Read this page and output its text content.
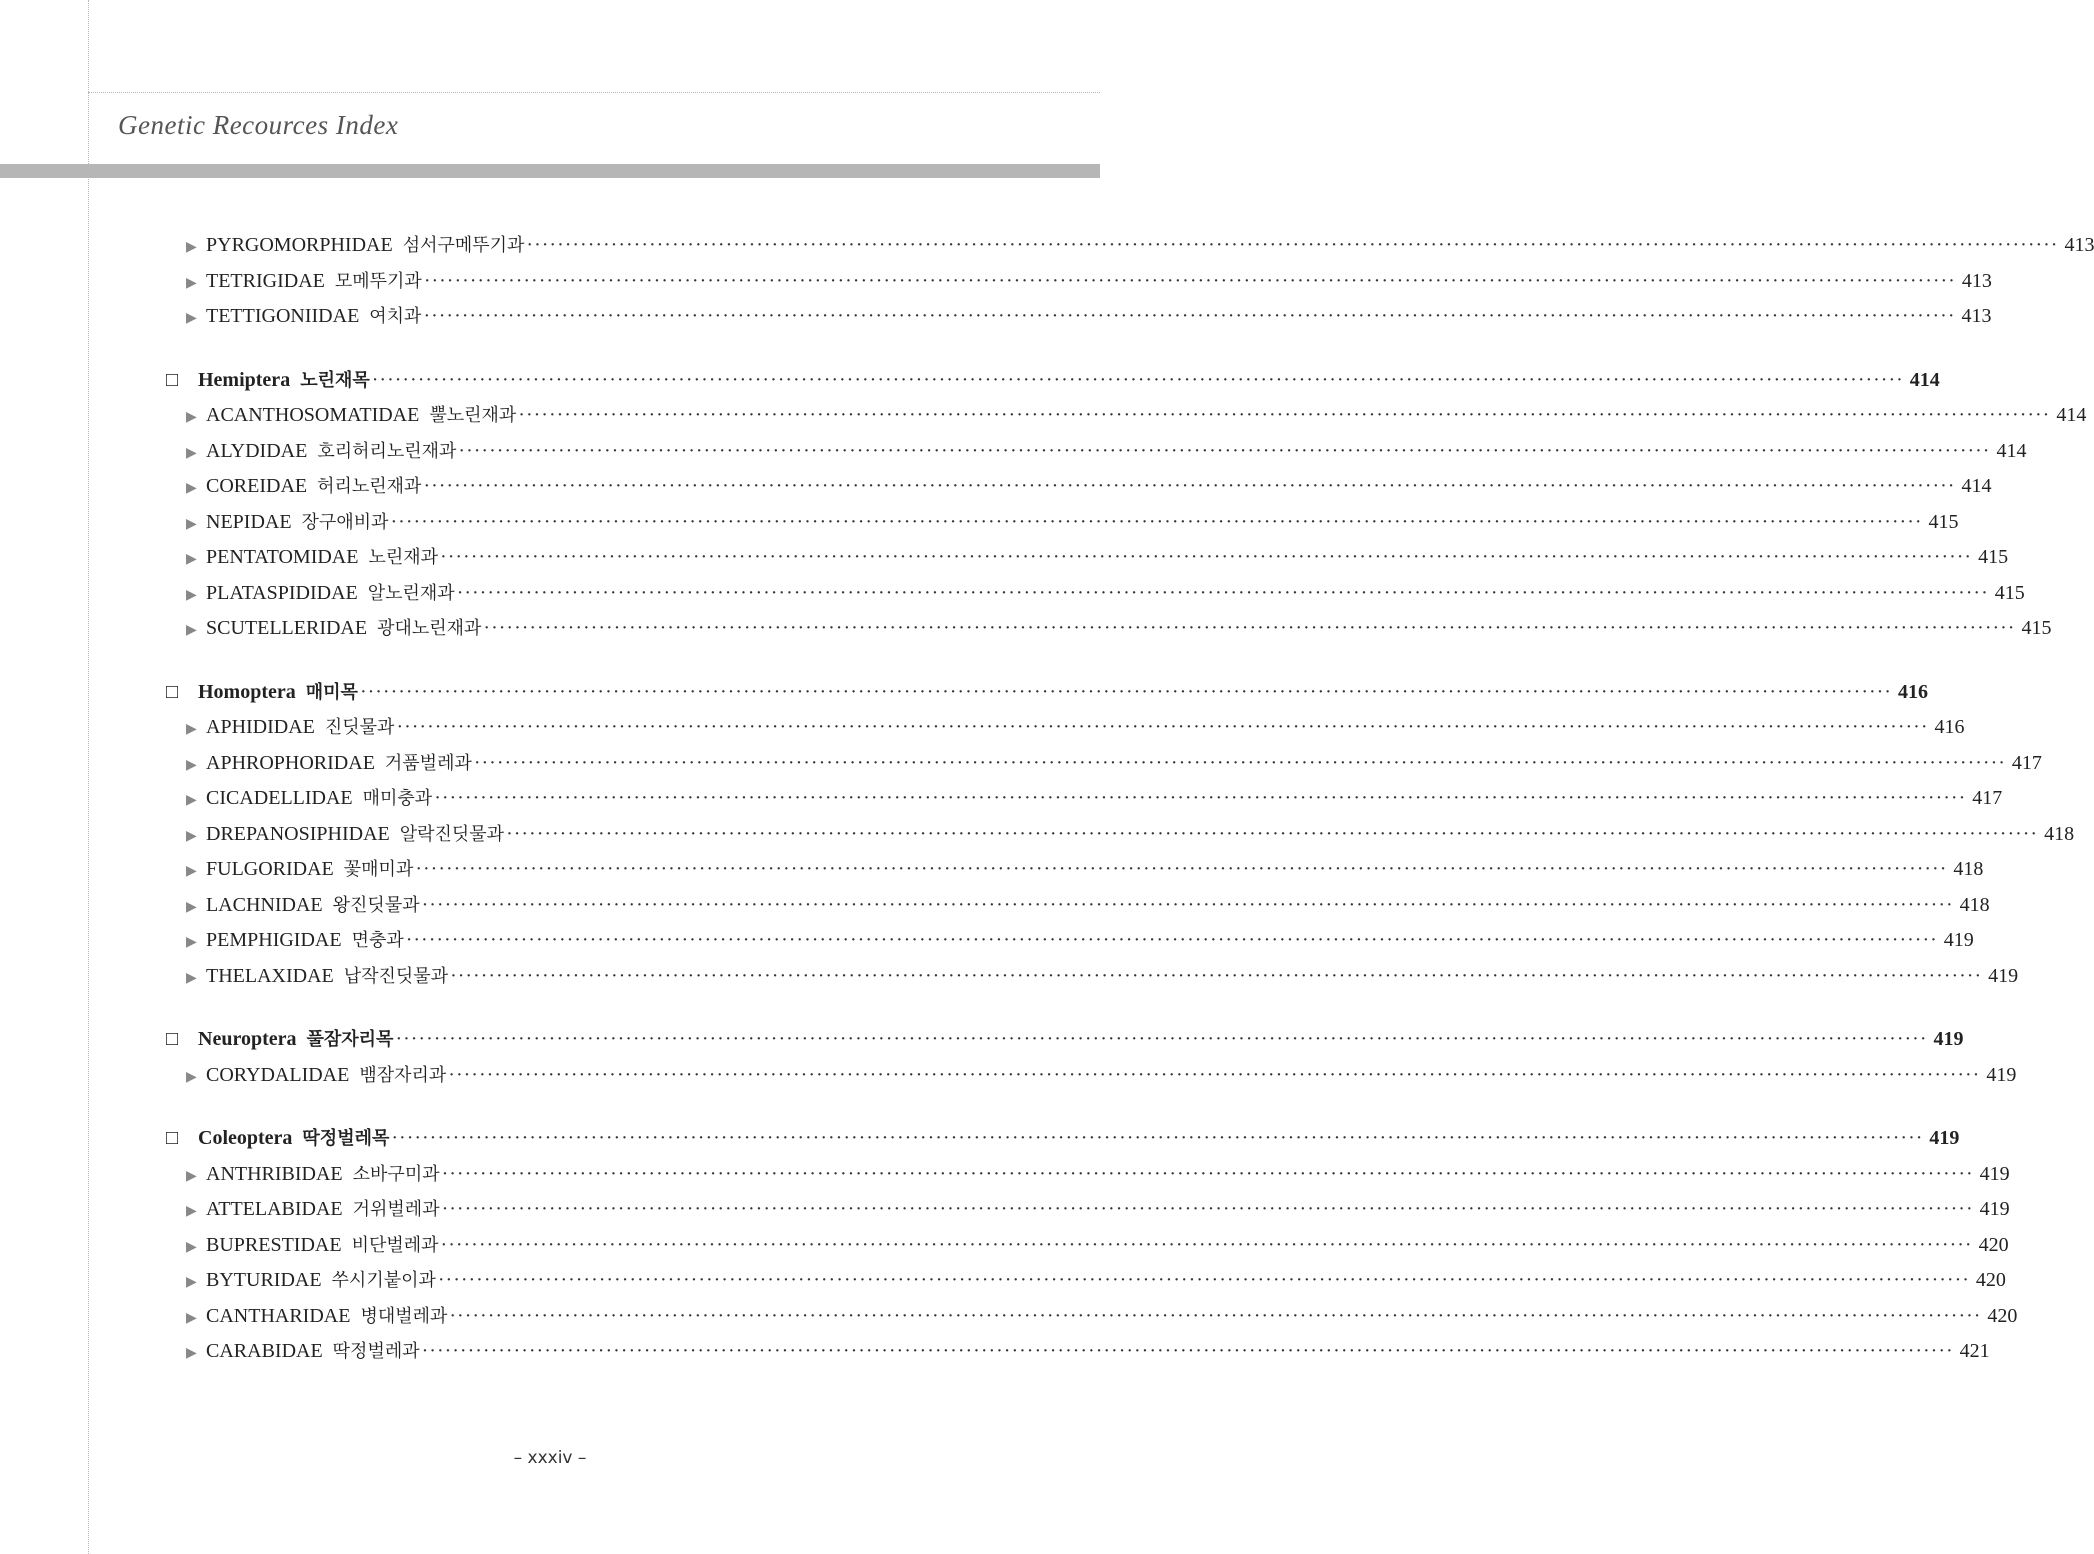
Genetic Recources Index
▶ PYRGOMORPHIDAE 섬서구메뚜기과 ········································································································································································································ 413
▶ TETRIGIDAE 모메뚜기과 ········································································································································································································ 413
▶ TETTIGONIIDAE 여치과 ········································································································································································································ 413
□ Hemiptera 노린재목 ········································································································································································································ 414
▶ ACANTHOSOMATIDAE 뿔노린재과 ········································································································································································································ 414
▶ ALYDIDAE 호리허리노린재과 ········································································································································································································ 414
▶ COREIDAE 허리노린재과 ········································································································································································································ 414
▶ NEPIDAE 장구애비과 ········································································································································································································ 415
▶ PENTATOMIDAE 노린재과 ········································································································································································································ 415
▶ PLATASPIDIDAE 알노린재과 ········································································································································································································ 415
▶ SCUTELLERIDAE 광대노린재과 ········································································································································································································ 415
□ Homoptera 매미목 ········································································································································································································ 416
▶ APHIDIDAE 진딧물과 ········································································································································································································ 416
▶ APHROPHORIDAE 거품벌레과 ········································································································································································································ 417
▶ CICADELLIDAE 매미충과 ········································································································································································································ 417
▶ DREPANOSIPHIDAE 알락진딧물과 ········································································································································································································ 418
▶ FULGORIDAE 꽃매미과 ········································································································································································································ 418
▶ LACHNIDAE 왕진딧물과 ········································································································································································································ 418
▶ PEMPHIGIDAE 면충과 ········································································································································································································ 419
▶ THELAXIDAE 납작진딧물과 ········································································································································································································ 419
□ Neuroptera 풀잠자리목 ········································································································································································································ 419
▶ CORYDALIDAE 뱀잠자리과 ········································································································································································································ 419
□ Coleoptera 딱정벌레목 ········································································································································································································ 419
▶ ANTHRIBIDAE 소바구미과 ········································································································································································································ 419
▶ ATTELABIDAE 거위벌레과 ········································································································································································································ 419
▶ BUPRESTIDAE 비단벌레과 ········································································································································································································ 420
▶ BYTURIDAE 쑤시기붙이과 ········································································································································································································ 420
▶ CANTHARIDAE 병대벌레과 ········································································································································································································ 420
▶ CARABIDAE 딱정벌레과 ········································································································································································································ 421
– xxxiv –
